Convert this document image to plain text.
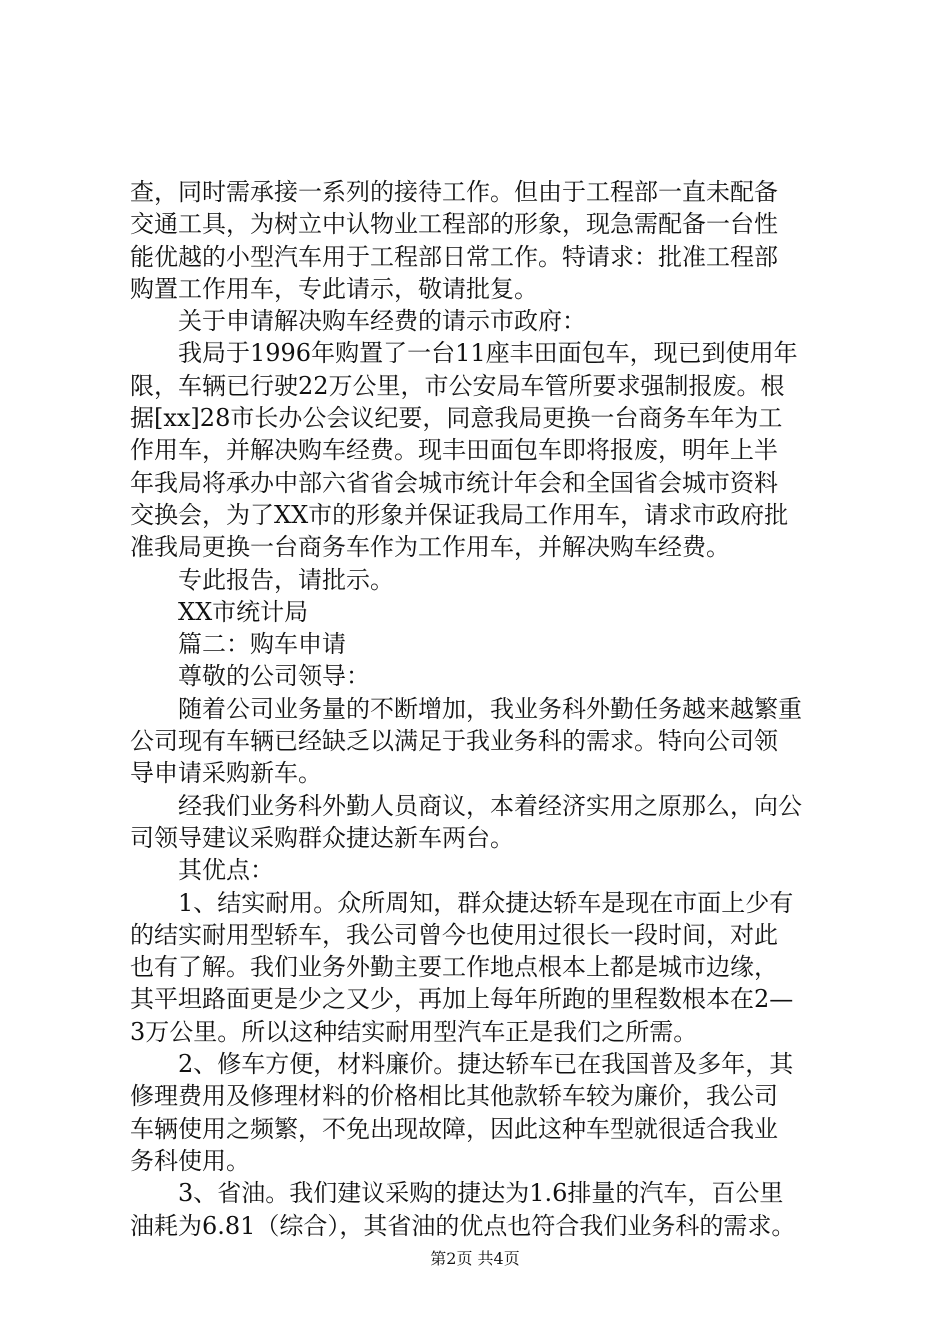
查，同时需承接一系列的接待工作。但由于工程部一直未配备
交通工具，为树立中认物业工程部的形象，现急需配备一台性
能优越的小型汽车用于工程部日常工作。特请求：批准工程部
购置工作用车，专此请示，敬请批复。
关于申请解决购车经费的请示市政府：
我局于1996年购置了一台11座丰田面包车，现已到使用年
限，车辆已行驶22万公里，市公安局车管所要求强制报废。根
据[xx]28市长办公会议纪要，同意我局更换一台商务车年为工
作用车，并解决购车经费。现丰田面包车即将报废，明年上半
年我局将承办中部六省省会城市统计年会和全国省会城市资料
交换会，为了XX市的形象并保证我局工作用车，请求市政府批
准我局更换一台商务车作为工作用车，并解决购车经费。
专此报告，请批示。
XX市统计局
篇二：购车申请
尊敬的公司领导：
随着公司业务量的不断增加，我业务科外勤任务越来越繁重
公司现有车辆已经缺乏以满足于我业务科的需求。特向公司领
导申请采购新车。
经我们业务科外勤人员商议，本着经济实用之原那么，向公
司领导建议采购群众捷达新车两台。
其优点：
1、结实耐用。众所周知，群众捷达轿车是现在市面上少有
的结实耐用型轿车，我公司曾今也使用过很长一段时间，对此
也有了解。我们业务外勤主要工作地点根本上都是城市边缘，
其平坦路面更是少之又少，再加上每年所跑的里程数根本在2—
3万公里。所以这种结实耐用型汽车正是我们之所需。
2、修车方便，材料廉价。捷达轿车已在我国普及多年，其
修理费用及修理材料的价格相比其他款轿车较为廉价，我公司
车辆使用之频繁，不免出现故障，因此这种车型就很适合我业
务科使用。
3、省油。我们建议采购的捷达为1.6排量的汽车，百公里
油耗为6.81（综合），其省油的优点也符合我们业务科的需求。
第2页 共4页
